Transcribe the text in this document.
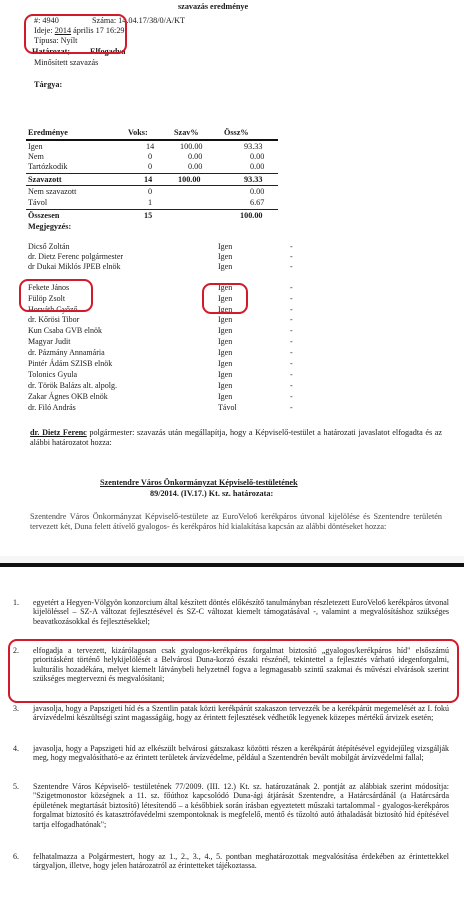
szavazás eredménye
#: 4940	Száma: 14.04.17/38/0/A/KT
Ideje: 2014 április 17 16:29
Típusa: Nyílt
Határozat; Elfogadva
Minősített szavazás
Tárgya:
Eredménye	Voks:	Szav%	Össz%
Igen	14	100.00	93.33
Nem	0	0.00	0.00
Tartózkodik	0	0.00	0.00
Szavazott	14	100.00	93.33
Nem szavazott	0	0.00
Távol	1	6.67
Összesen	15	100.00
Megjegyzés:
Dicső Zoltán	Igen	-
dr. Dietz Ferenc polgármester	Igen	-
dr Dukai Miklós JPEB elnök	Igen	-
Fekete János	Igen	-
Fülöp Zsolt	Igen	-
Horváth Győző	Igen	-
dr. Kőrösi Tibor	Igen	-
Kun Csaba GVB elnök	Igen	-
Magyar Judit	Igen	-
dr. Pázmány Annamária	Igen	-
Pintér Ádám SZISB elnök	Igen	-
Tolonics Gyula	Igen	-
dr. Török Balázs alt. alpolg.	Igen	-
Zakar Ágnes OKB elnök	Igen	-
dr. Filó András	Távol	-
dr. Dietz Ferenc polgármester: szavazás után megállapítja, hogy a Képviselő-testület a határozati javaslatot elfogadta és az alábbi határozatot hozza:
Szentendre Város Önkormányzat Képviselő-testületének
89/2014. (IV.17.) Kt. sz. határozata:
Szentendre Város Önkormányzat Képviselő-testülete az EuroVelo6 kerékpáros útvonal kijelölése és Szentendre területén tervezett két, Duna felett átívelő gyalogos- és kerékpáros híd kialakítása kapcsán az alábbi döntéseket hozza:
1.	egyetért a Hegyen-Völgyön konzorcium által készített döntés előkészítő tanulmányban részletezett EuroVelo6 kerékpáros útvonal kijelöléssel – SZ-A változat fejlesztésével és SZ-C változat kiemelt támogatásával -, valamint a megvalósításhoz szükséges beavatkozásokkal és fejlesztésekkel;
2.	elfogadja a tervezett, kizárólagosan csak gyalogos-kerékpáros forgalmat biztosító „gyalogos/kerékpáros híd" elsőszámú prioritásként történő helykijelölését a Belvárosi Duna-korzó északi részénél, tekintettel a fejlesztés várható idegenforgalmi, kulturális hozadékára, melyet kiemelt látványbeli helyzetnél fogva a legmagasabb szintű szakmai és művészi elvárások szerint szükséges megtervezni és megvalósítani;
3.	javasolja, hogy a Papszigeti híd és a Szentlin patak közti kerékpárút szakaszon tervezzék be a kerékpárút megemelését az I. fokú árvízvédelmi készültségi szint magasságáig, hogy az érintett fejlesztések védhetők legyenek közepes mértékű árvizek esetén;
4.	javasolja, hogy a Papszigeti híd az elkészült belvárosi gátszakasz közötti részen a kerékpárút átépítésével egyidejűleg vizsgálják meg, hogy megvalósítható-e az érintett területek árvízvédelme, például a Szentendrén bevált mobilgát árvízvédelmi fallal;
5.	Szentendre Város Képviselő- testületének 77/2009. (III. 12.) Kt. sz. határozatának 2. pontját az alábbiak szerint módosítja: "Szigetmonostor községnek a 11. sz. főúthoz kapcsolódó Duna-ági átjárását Szentendre, a Határcsárdánál (a Határcsárda épületének megtartását biztosító) létesítendő – a későbbiek során írásban egyeztetett műszaki tartalommal - gyalogos-kerékpáros forgalmat biztosító és katasztrófavédelmi szempontoknak is megfelelő, mentő és tűzoltó autó áthaladását biztosító híd építésével tartja elfogadhatónak";
6.	felhatalmazza a Polgármestert, hogy az 1., 2., 3., 4., 5. pontban meghatározottak megvalósítása érdekében az érintettekkel tárgyaljon, illetve, hogy jelen határozatról az érintetteket tájékoztassa.
